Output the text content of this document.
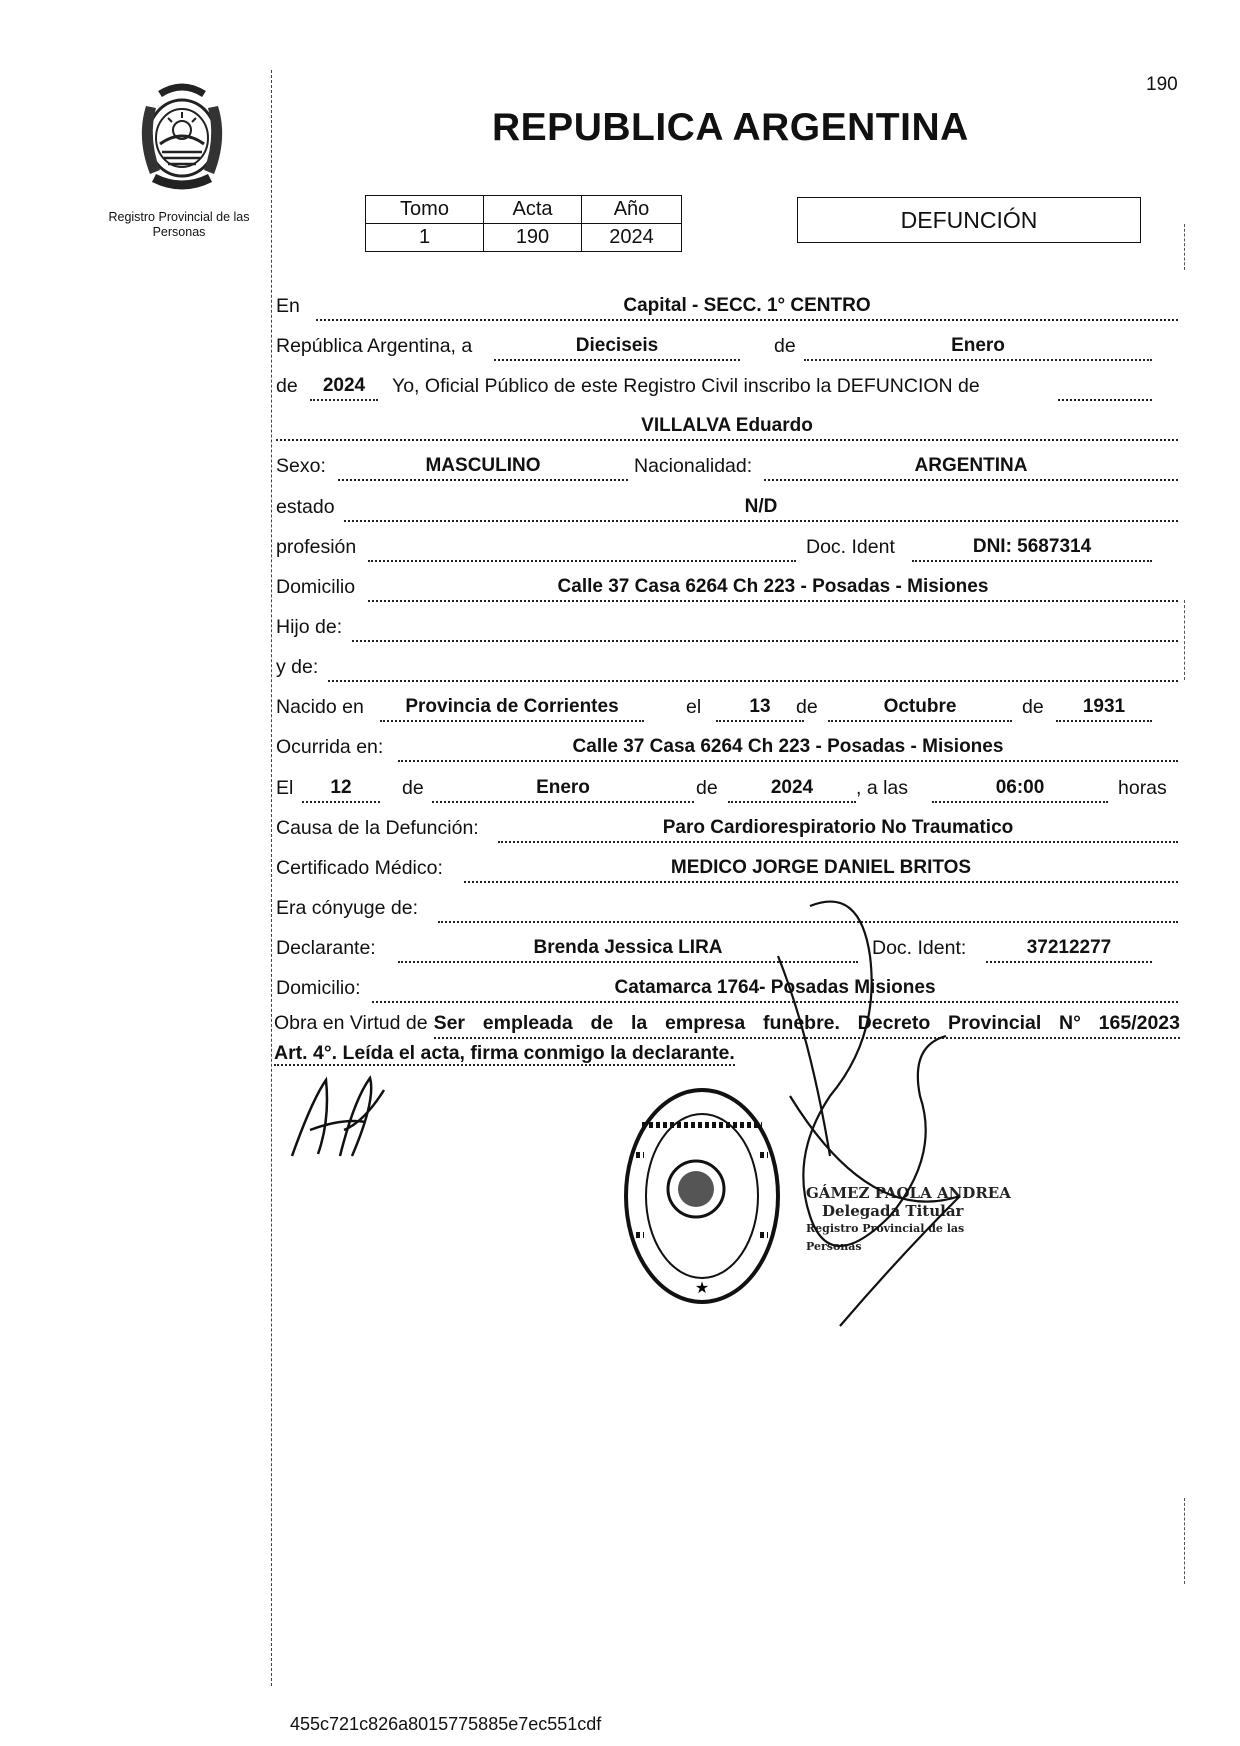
190
REPUBLICA ARGENTINA
Registro Provincial de las Personas
Tomo	Acta	Año
1	190	2024
DEFUNCIÓN
En	Capital - SECC. 1° CENTRO
República Argentina, a	Dieciseis	de	Enero
de	2024	Yo, Oficial Público de este Registro Civil inscribo la DEFUNCION de
VILLALVA Eduardo
Sexo:	MASCULINO	Nacionalidad:	ARGENTINA
estado	N/D
profesión	Doc. Ident	DNI: 5687314
Domicilio	Calle 37 Casa 6264 Ch 223 - Posadas - Misiones
Hijo de:
y de:
Nacido en	Provincia de Corrientes	el	13	de	Octubre	de	1931
Ocurrida en:	Calle 37 Casa 6264 Ch 223 - Posadas - Misiones
El	12	de	Enero	de	2024	, a las	06:00	horas
Causa de la Defunción:	Paro Cardiorespiratorio No Traumatico
Certificado Médico:	MEDICO JORGE DANIEL BRITOS
Era cónyuge de:
Declarante:	Brenda Jessica LIRA	Doc. Ident:	37212277
Domicilio:	Catamarca 1764- Posadas Misiones
Obra en Virtud de Ser empleada de la empresa funebre. Decreto Provincial N° 165/2023
Art. 4°. Leída el acta, firma conmigo la declarante.
★
GÁMEZ PAOLA ANDREA
Delegada Titular
Registro Provincial de las Personas
455c721c826a8015775885e7ec551cdf
